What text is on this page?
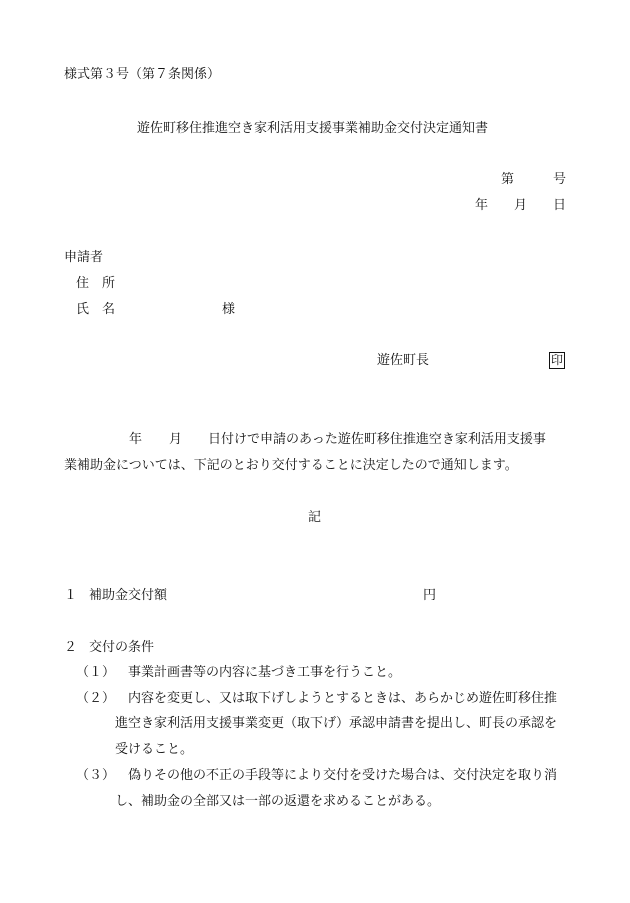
様式第３号（第７条関係）
遊佐町移住推進空き家利活用支援事業補助金交付決定通知書
第	号
年 月 日
申請者
住　所
氏　名	様
遊佐町長	印
年 月 日付けで申請のあった遊佐町移住推進空き家利活用支援事
業補助金については、下記のとおり交付することに決定したので通知します。
記
１ 補助金交付額	円
２ 交付の条件
（１） 事業計画書等の内容に基づき工事を行うこと。
（２） 内容を変更し、又は取下げしようとするときは、あらかじめ遊佐町移住推
進空き家利活用支援事業変更（取下げ）承認申請書を提出し、町長の承認を
受けること。
（３） 偽りその他の不正の手段等により交付を受けた場合は、交付決定を取り消
し、補助金の全部又は一部の返還を求めることがある。
